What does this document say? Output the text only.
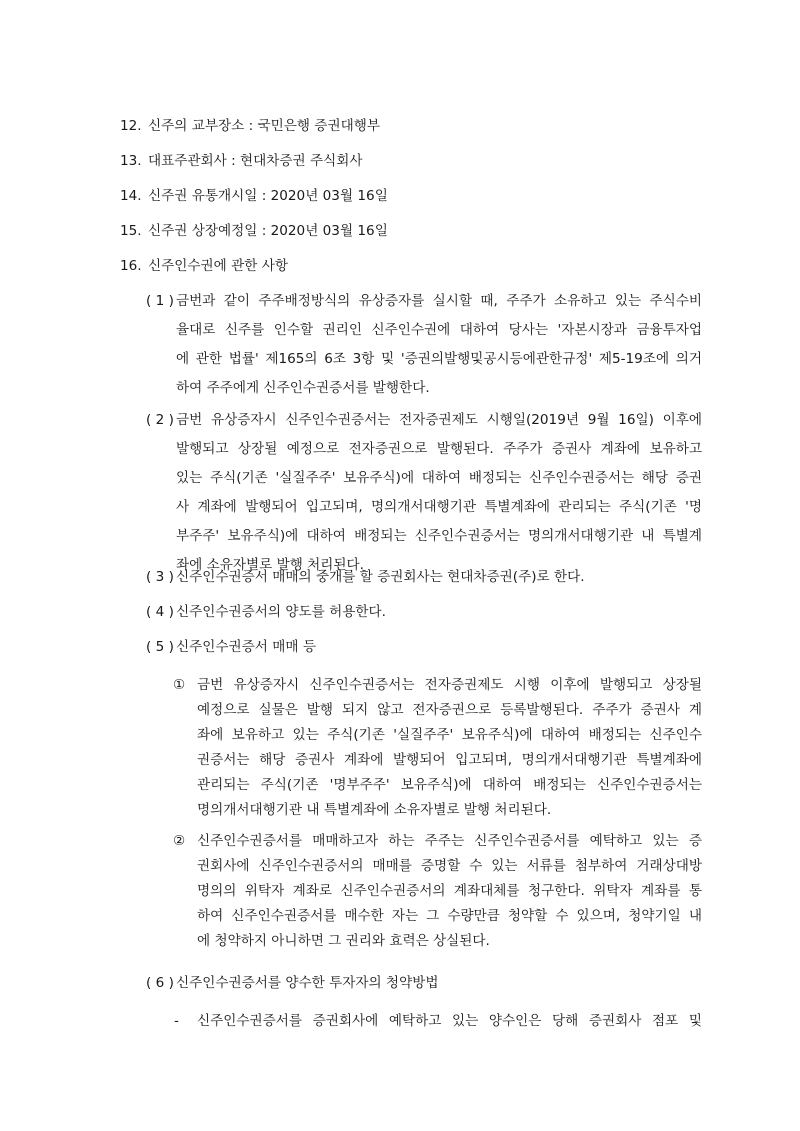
12. 신주의 교부장소 : 국민은행 증권대행부
13. 대표주관회사 : 현대차증권 주식회사
14. 신주권 유통개시일 : 2020년 03월 16일
15. 신주권 상장예정일 : 2020년 03월 16일
16. 신주인수권에 관한 사항
( 1 ) 금번과 같이 주주배정방식의 유상증자를 실시할 때, 주주가 소유하고 있는 주식수비
율대로 신주를 인수할 권리인 신주인수권에 대하여 당사는 '자본시장과 금융투자업
에 관한 법률' 제165의 6조 3항 및 '증권의발행및공시등에관한규정' 제5-19조에 의거
하여 주주에게 신주인수권증서를 발행한다.
( 2 ) 금번 유상증자시 신주인수권증서는 전자증권제도 시행일(2019년 9월 16일) 이후에
발행되고 상장될 예정으로 전자증권으로 발행된다. 주주가 증권사 계좌에 보유하고
있는 주식(기존 '실질주주' 보유주식)에 대하여 배정되는 신주인수권증서는 해당 증권
사 계좌에 발행되어 입고되며, 명의개서대행기관 특별계좌에 관리되는 주식(기존 '명
부주주' 보유주식)에 대하여 배정되는 신주인수권증서는 명의개서대행기관 내 특별계
좌에 소유자별로 발행 처리된다.
( 3 ) 신주인수권증서 매매의 중개를 할 증권회사는 현대차증권(주)로 한다.
( 4 ) 신주인수권증서의 양도를 허용한다.
( 5 ) 신주인수권증서 매매 등
① 금번 유상증자시 신주인수권증서는 전자증권제도 시행 이후에 발행되고 상장될
예정으로 실물은 발행 되지 않고 전자증권으로 등록발행된다. 주주가 증권사 계
좌에 보유하고 있는 주식(기존 '실질주주' 보유주식)에 대하여 배정되는 신주인수
권증서는 해당 증권사 계좌에 발행되어 입고되며, 명의개서대행기관 특별계좌에
관리되는 주식(기존 '명부주주' 보유주식)에 대하여 배정되는 신주인수권증서는
명의개서대행기관 내 특별계좌에 소유자별로 발행 처리된다.
② 신주인수권증서를 매매하고자 하는 주주는 신주인수권증서를 예탁하고 있는 증
권회사에 신주인수권증서의 매매를 증명할 수 있는 서류를 첨부하여 거래상대방
명의의 위탁자 계좌로 신주인수권증서의 계좌대체를 청구한다. 위탁자 계좌를 통
하여 신주인수권증서를 매수한 자는 그 수량만큼 청약할 수 있으며, 청약기일 내
에 청약하지 아니하면 그 권리와 효력은 상실된다.
( 6 ) 신주인수권증서를 양수한 투자자의 청약방법
- 신주인수권증서를 증권회사에 예탁하고 있는 양수인은 당해 증권회사 점포 및
